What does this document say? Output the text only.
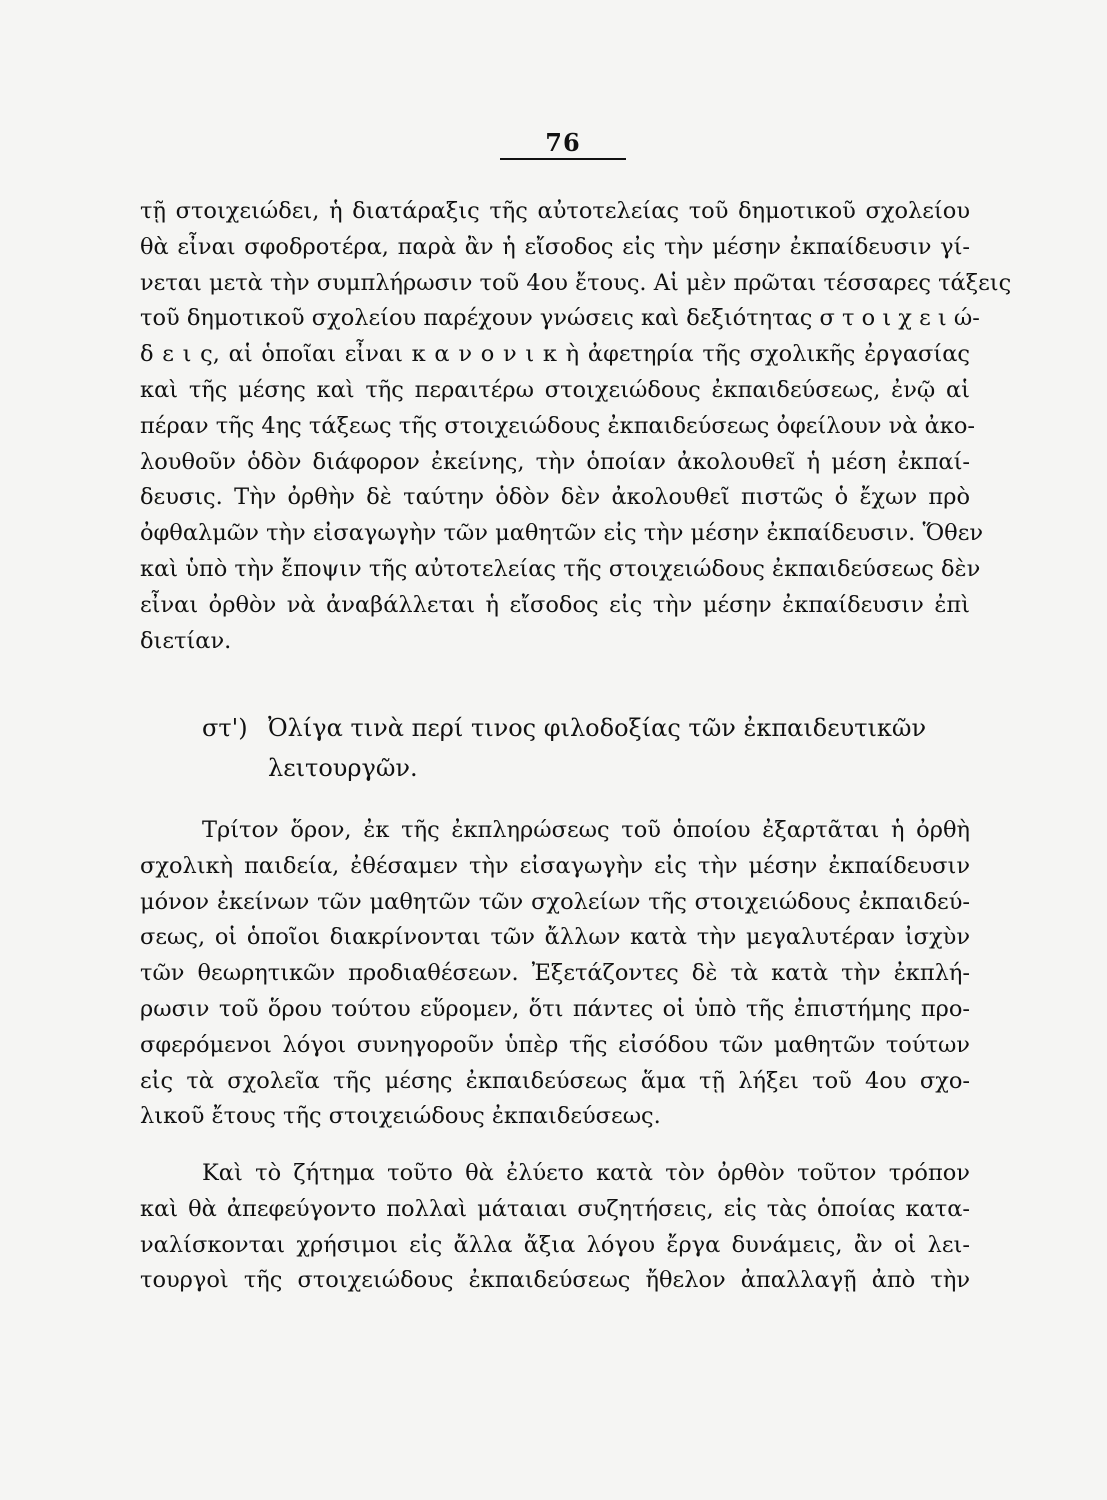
76
τῇ στοιχειώδει, ἡ διατάραξις τῆς αὐτοτελείας τοῦ δημοτικοῦ σχολείου
θὰ εἶναι σφοδροτέρα, παρὰ ἂν ἡ εἴσοδος εἰς τὴν μέσην ἐκπαίδευσιν γί-
νεται μετὰ τὴν συμπλήρωσιν τοῦ 4ου ἔτους. Αἱ μὲν πρῶται τέσσαρες τάξεις
τοῦ δημοτικοῦ σχολείου παρέχουν γνώσεις καὶ δεξιότητας σ τ ο ι χ ε ι ώ-
δ ε ι ς, αἱ ὁποῖαι εἶναι κ α ν ο ν ι κ ὴ ἀφετηρία τῆς σχολικῆς ἐργασίας
καὶ τῆς μέσης καὶ τῆς περαιτέρω στοιχειώδους ἐκπαιδεύσεως, ἐνῷ αἱ
πέραν τῆς 4ης τάξεως τῆς στοιχειώδους ἐκπαιδεύσεως ὀφείλουν νὰ ἀκο-
λουθοῦν ὁδὸν διάφορον ἐκείνης, τὴν ὁποίαν ἀκολουθεῖ ἡ μέση ἐκπαί-
δευσις. Τὴν ὀρθὴν δὲ ταύτην ὁδὸν δὲν ἀκολουθεῖ πιστῶς ὁ ἔχων πρὸ
ὀφθαλμῶν τὴν εἰσαγωγὴν τῶν μαθητῶν εἰς τὴν μέσην ἐκπαίδευσιν. Ὅθεν
καὶ ὑπὸ τὴν ἔποψιν τῆς αὐτοτελείας τῆς στοιχειώδους ἐκπαιδεύσεως δὲν
εἶναι ὀρθὸν νὰ ἀναβάλλεται ἡ εἴσοδος εἰς τὴν μέσην ἐκπαίδευσιν ἐπὶ
διετίαν.
στ') Ὀλίγα τινὰ περί τινος φιλοδοξίας τῶν ἐκπαιδευτικῶν
λειτουργῶν.
Τρίτον ὅρον, ἐκ τῆς ἐκπληρώσεως τοῦ ὁποίου ἐξαρτᾶται ἡ ὀρθὴ
σχολικὴ παιδεία, ἐθέσαμεν τὴν εἰσαγωγὴν εἰς τὴν μέσην ἐκπαίδευσιν
μόνον ἐκείνων τῶν μαθητῶν τῶν σχολείων τῆς στοιχειώδους ἐκπαιδεύ-
σεως, οἱ ὁποῖοι διακρίνονται τῶν ἄλλων κατὰ τὴν μεγαλυτέραν ἰσχὺν
τῶν θεωρητικῶν προδιαθέσεων. Ἐξετάζοντες δὲ τὰ κατὰ τὴν ἐκπλή-
ρωσιν τοῦ ὅρου τούτου εὕρομεν, ὅτι πάντες οἱ ὑπὸ τῆς ἐπιστήμης προ-
σφερόμενοι λόγοι συνηγοροῦν ὑπὲρ τῆς εἰσόδου τῶν μαθητῶν τούτων
εἰς τὰ σχολεῖα τῆς μέσης ἐκπαιδεύσεως ἅμα τῇ λήξει τοῦ 4ου σχο-
λικοῦ ἔτους τῆς στοιχειώδους ἐκπαιδεύσεως.
Καὶ τὸ ζήτημα τοῦτο θὰ ἐλύετο κατὰ τὸν ὀρθὸν τοῦτον τρόπον
καὶ θὰ ἀπεφεύγοντο πολλαὶ μάταιαι συζητήσεις, εἰς τὰς ὁποίας κατα-
ναλίσκονται χρήσιμοι εἰς ἄλλα ἄξια λόγου ἔργα δυνάμεις, ἂν οἱ λει-
τουργοὶ τῆς στοιχειώδους ἐκπαιδεύσεως ἤθελον ἀπαλλαγῇ ἀπὸ τὴν
